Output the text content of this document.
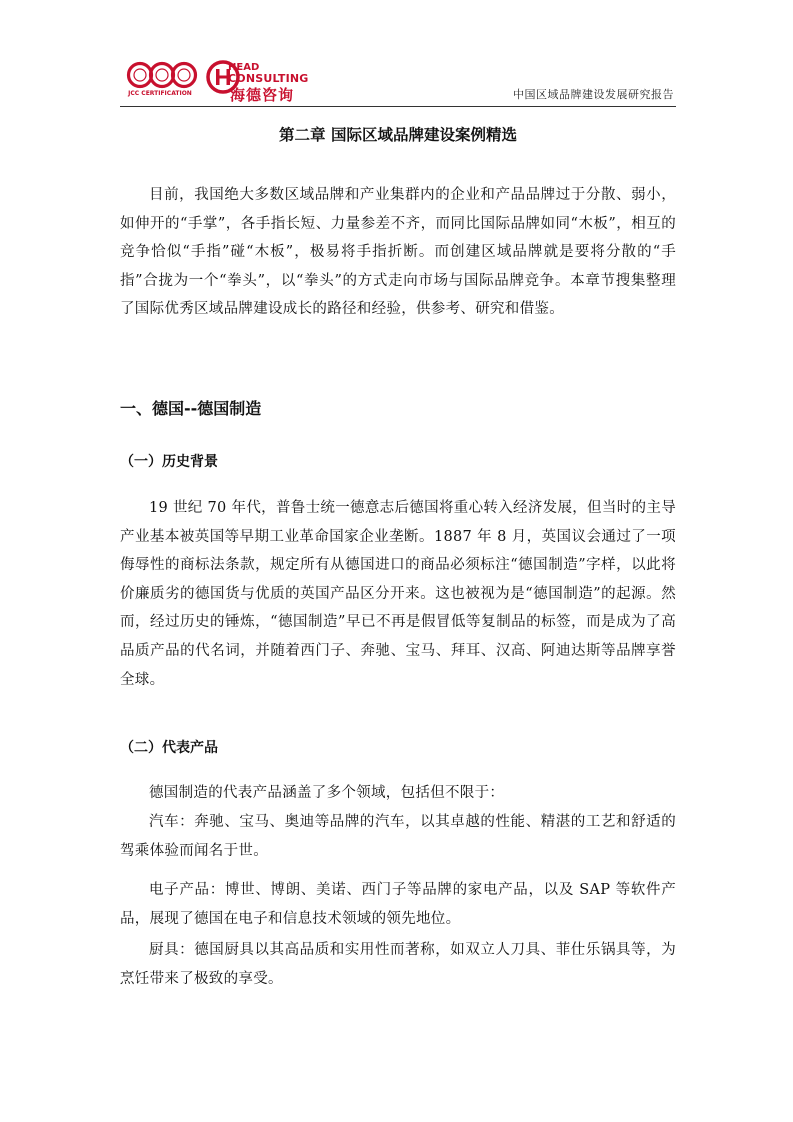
JCC CERTIFICATION
HEAD
CONSULTING
海德咨询	中国区域品牌建设发展研究报告
第二章 国际区域品牌建设案例精选

目前，我国绝大多数区域品牌和产业集群内的企业和产品品牌过于分散、弱小，如伸开的“手掌”，各手指长短、力量参差不齐，而同比国际品牌如同“木板”，相互的竞争恰似“手指”碰“木板”，极易将手指折断。而创建区域品牌就是要将分散的“手指”合拢为一个“拳头”，以“拳头”的方式走向市场与国际品牌竞争。本章节搜集整理了国际优秀区域品牌建设成长的路径和经验，供参考、研究和借鉴。

一、德国--德国制造
（一）历史背景

19 世纪 70 年代，普鲁士统一德意志后德国将重心转入经济发展，但当时的主导产业基本被英国等早期工业革命国家企业垄断。1887 年 8 月，英国议会通过了一项侮辱性的商标法条款，规定所有从德国进口的商品必须标注“德国制造”字样，以此将价廉质劣的德国货与优质的英国产品区分开来。这也被视为是“德国制造”的起源。然而，经过历史的锤炼，“德国制造”早已不再是假冒低等复制品的标签，而是成为了高品质产品的代名词，并随着西门子、奔驰、宝马、拜耳、汉高、阿迪达斯等品牌享誉全球。

（二）代表产品

德国制造的代表产品涵盖了多个领域，包括但不限于：

汽车：奔驰、宝马、奥迪等品牌的汽车，以其卓越的性能、精湛的工艺和舒适的驾乘体验而闻名于世。

电子产品：博世、博朗、美诺、西门子等品牌的家电产品，以及 SAP 等软件产品，展现了德国在电子和信息技术领域的领先地位。

厨具：德国厨具以其高品质和实用性而著称，如双立人刀具、菲仕乐锅具等，为烹饪带来了极致的享受。
